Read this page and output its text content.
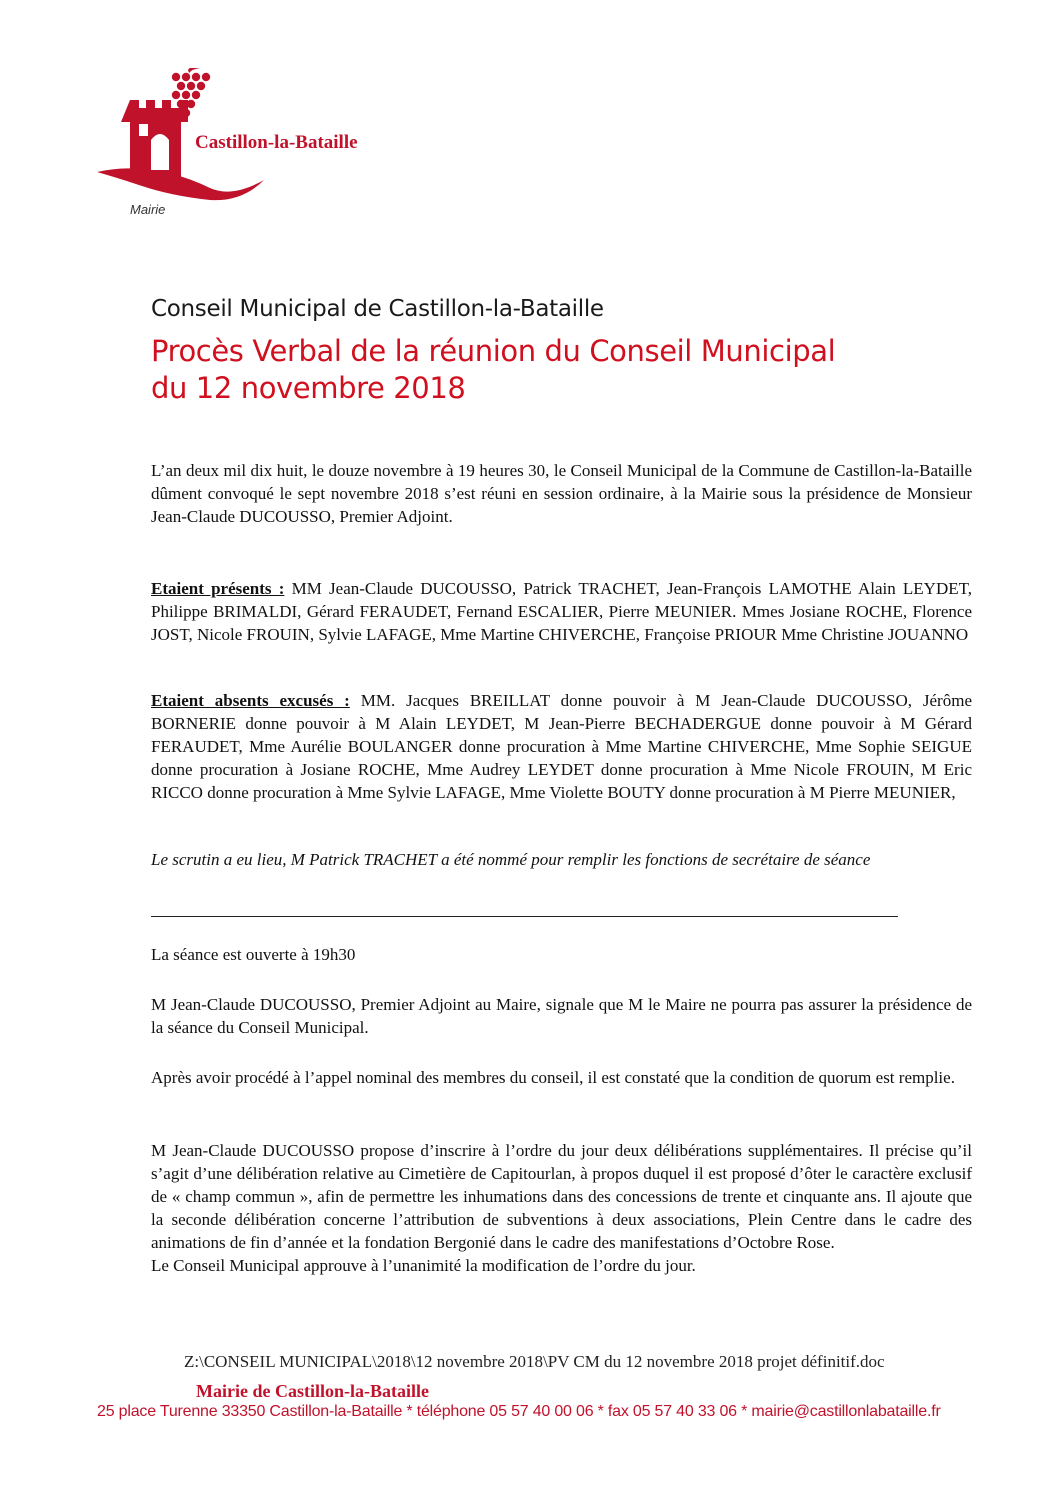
Castillon-la-Bataille
Mairie
Conseil Municipal de Castillon-la-Bataille
Procès Verbal de la réunion du Conseil Municipal
du 12 novembre 2018

L’an deux mil dix huit, le douze novembre à 19 heures 30, le Conseil Municipal de la Commune de Castillon-la-Bataille dûment convoqué le sept novembre 2018 s’est réuni en session ordinaire, à la Mairie sous la présidence de Monsieur Jean-Claude DUCOUSSO, Premier Adjoint.

Etaient présents : MM Jean-Claude DUCOUSSO, Patrick TRACHET, Jean-François LAMOTHE Alain LEYDET, Philippe BRIMALDI, Gérard FERAUDET, Fernand ESCALIER, Pierre MEUNIER. Mmes Josiane ROCHE, Florence JOST, Nicole FROUIN, Sylvie LAFAGE, Mme Martine CHIVERCHE, Françoise PRIOUR Mme Christine JOUANNO

Etaient absents excusés : MM. Jacques BREILLAT donne pouvoir à M Jean-Claude DUCOUSSO, Jérôme BORNERIE donne pouvoir à M Alain LEYDET, M Jean-Pierre BECHADERGUE donne pouvoir à M Gérard FERAUDET, Mme Aurélie BOULANGER donne procuration à Mme Martine CHIVERCHE, Mme Sophie SEIGUE donne procuration à Josiane ROCHE, Mme Audrey LEYDET donne procuration à Mme Nicole FROUIN, M Eric RICCO donne procuration à Mme Sylvie LAFAGE, Mme Violette BOUTY donne procuration à M Pierre MEUNIER,

Le scrutin a eu lieu, M Patrick TRACHET a été nommé pour remplir les fonctions de secrétaire de séance

La séance est ouverte à 19h30

M Jean-Claude DUCOUSSO, Premier Adjoint au Maire, signale que M le Maire ne pourra pas assurer la présidence de la séance du Conseil Municipal.

Après avoir procédé à l’appel nominal des membres du conseil, il est constaté que la condition de quorum est remplie.

M Jean-Claude DUCOUSSO propose d’inscrire à l’ordre du jour deux délibérations supplémentaires. Il précise qu’il s’agit d’une délibération relative au Cimetière de Capitourlan, à propos duquel il est proposé d’ôter le caractère exclusif de « champ commun », afin de permettre les inhumations dans des concessions de trente et cinquante ans. Il ajoute que la seconde délibération concerne l’attribution de subventions à deux associations, Plein Centre dans le cadre des animations de fin d’année et la fondation Bergonié dans le cadre des manifestations d’Octobre Rose.

Le Conseil Municipal approuve à l’unanimité la modification de l’ordre du jour.

Z:\CONSEIL MUNICIPAL\2018\12 novembre 2018\PV CM du 12 novembre 2018 projet définitif.doc
Mairie de Castillon-la-Bataille
25 place Turenne 33350 Castillon-la-Bataille * téléphone 05 57 40 00 06 * fax 05 57 40 33 06 * mairie@castillonlabataille.fr
